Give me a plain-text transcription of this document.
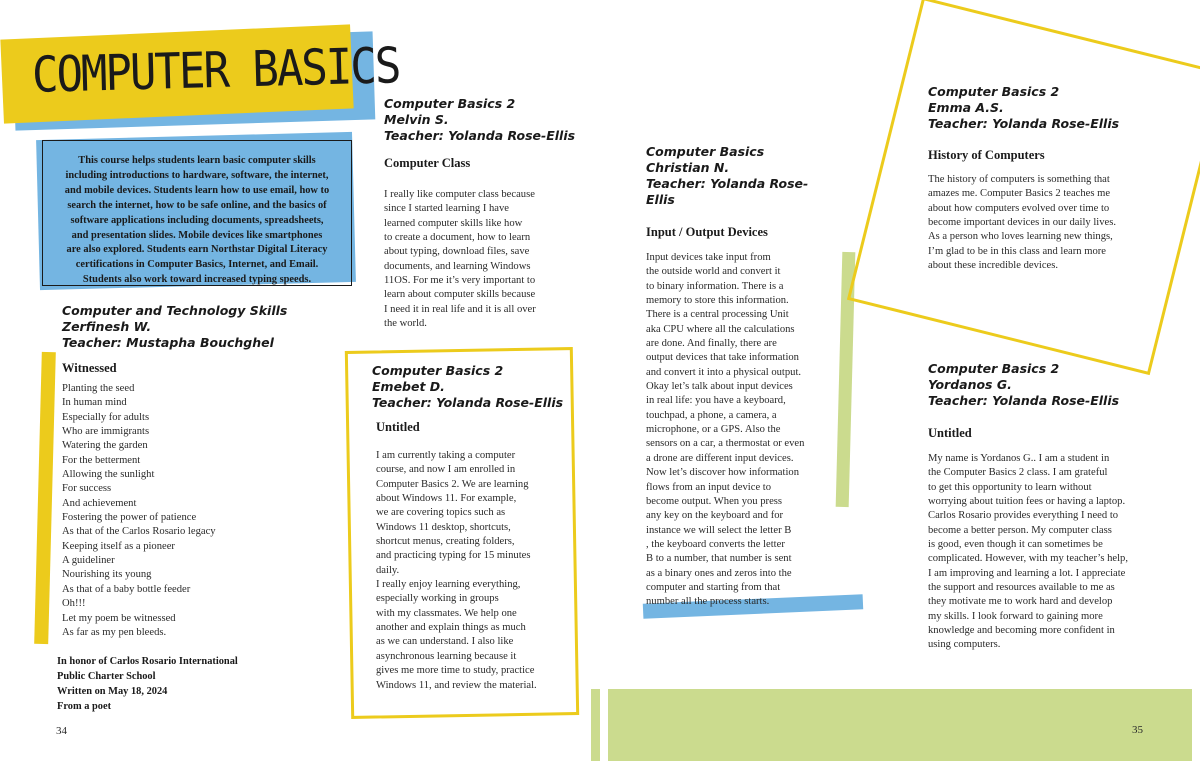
COMPUTER BASICS
This course helps students learn basic computer skills
including introductions to hardware, software, the internet,
and mobile devices. Students learn how to use email, how to
search the internet, how to be safe online, and the basics of
software applications including documents, spreadsheets,
and presentation slides. Mobile devices like smartphones
are also explored. Students earn Northstar Digital Literacy
certifications in Computer Basics, Internet, and Email.
Students also work toward increased typing speeds.
Computer and Technology Skills
Zerfinesh W.
Teacher: Mustapha Bouchghel
Witnessed
Planting the seed
In human mind
Especially for adults
Who are immigrants
Watering the garden
For the betterment
Allowing the sunlight
For success
And achievement
Fostering the power of patience
As that of the Carlos Rosario legacy
Keeping itself as a pioneer
A guideliner
Nourishing its young
As that of a baby bottle feeder
Oh!!!
Let my poem be witnessed
As far as my pen bleeds.
In honor of Carlos Rosario International
Public Charter School
Written on May 18, 2024
From a poet
Computer Basics 2
Melvin S.
Teacher: Yolanda Rose-Ellis
Computer Class
I really like computer class because
since I started learning I have
learned computer skills like how
to create a document, how to learn
about typing, download files, save
documents, and learning Windows
11OS. For me it’s very important to
learn about computer skills because
I need it in real life and it is all over
the world.
Computer Basics 2
Emebet D.
Teacher: Yolanda Rose-Ellis
Untitled
I am currently taking a computer
course, and now I am enrolled in
Computer Basics 2. We are learning
about Windows 11. For example,
we are covering topics such as
Windows 11 desktop, shortcuts,
shortcut menus, creating folders,
and practicing typing for 15 minutes
daily.
I really enjoy learning everything,
especially working in groups
with my classmates. We help one
another and explain things as much
as we can understand. I also like
asynchronous learning because it
gives me more time to study, practice
Windows 11, and review the material.
Computer Basics
Christian N.
Teacher: Yolanda Rose-Ellis
Input / Output Devices
Input devices take input from
the outside world and convert it
to binary information. There is a
memory to store this information.
There is a central processing Unit
aka CPU where all the calculations
are done. And finally, there are
output devices that take information
and convert it into a physical output.
Okay let’s talk about input devices
in real life: you have a keyboard,
touchpad, a phone, a camera, a
microphone, or a GPS. Also the
sensors on a car, a thermostat or even
a drone are different input devices.
Now let’s discover how information
flows from an input device to
become output. When you press
any key on the keyboard and for
instance we will select the letter B
, the keyboard converts the letter
B to a number, that number is sent
as a binary ones and zeros into the
computer and starting from that
number all the process starts.
Computer Basics 2
Emma A.S.
Teacher: Yolanda Rose-Ellis
History of Computers
The history of computers is something that
amazes me. Computer Basics 2 teaches me
about how computers evolved over time to
become important devices in our daily lives.
As a person who loves learning new things,
I’m glad to be in this class and learn more
about these incredible devices.
Computer Basics 2
Yordanos G.
Teacher: Yolanda Rose-Ellis
Untitled
My name is Yordanos G.. I am a student in
the Computer Basics 2 class. I am grateful
to get this opportunity to learn without
worrying about tuition fees or having a laptop.
Carlos Rosario provides everything I need to
become a better person. My computer class
is good, even though it can sometimes be
complicated. However, with my teacher’s help,
I am improving and learning a lot. I appreciate
the support and resources available to me as
they motivate me to work hard and develop
my skills. I look forward to gaining more
knowledge and becoming more confident in
using computers.
34	35
